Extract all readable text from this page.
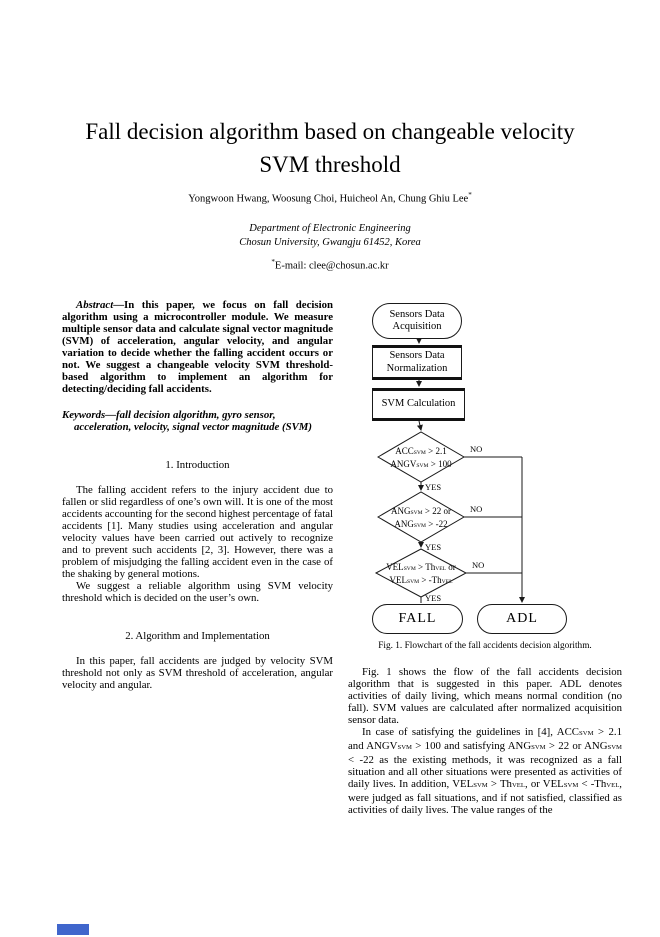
Fall decision algorithm based on changeable velocity SVM threshold
Yongwoon Hwang, Woosung Choi, Huicheol An, Chung Ghiu Lee*
Department of Electronic Engineering
Chosun University, Gwangju 61452, Korea
*E-mail: clee@chosun.ac.kr

Abstract—In this paper, we focus on fall decision algorithm using a microcontroller module. We measure multiple sensor data and calculate signal vector magnitude (SVM) of acceleration, angular velocity, and angular variation to decide whether the falling accident occurs or not. We suggest a changeable velocity SVM threshold-based algorithm to implement an algorithm for detecting/deciding fall accidents.

Keywords—fall decision algorithm, gyro sensor, acceleration, velocity, signal vector magnitude (SVM)

1. Introduction

The falling accident refers to the injury accident due to fallen or slid regardless of one’s own will. It is one of the most accidents accounting for the second highest percentage of fatal accidents [1]. Many studies using acceleration and angular velocity values have been carried out actively to recognize and to prevent such accidents [2, 3]. However, there was a problem of misjudging the falling accident even in the case of the shaking by general motions.

We suggest a reliable algorithm using SVM velocity threshold which is decided on the user’s own.

2. Algorithm and Implementation

In this paper, fall accidents are judged by velocity SVM threshold not only as SVM threshold of acceleration, angular velocity and angular.

Sensors Data Acquisition
Sensors Data Normalization
SVM Calculation
ACCSVM > 2.1
ANGVSVM > 100
ANGSVM > 22 or
ANGSVM > -22
VELSVM > ThVEL or
VELSVM > -ThVEL
NO
NO
NO
YES
YES
YES
FALL	ADL
Fig. 1. Flowchart of the fall accidents decision algorithm.

Fig. 1 shows the flow of the fall accidents decision algorithm that is suggested in this paper. ADL denotes activities of daily living, which means normal condition (no fall). SVM values are calculated after normalized acquisition sensor data.

In case of satisfying the guidelines in [4], ACCSVM > 2.1 and ANGVSVM > 100 and satisfying ANGSVM > 22 or ANGSVM < -22 as the existing methods, it was recognized as a fall situation and all other situations were presented as activities of daily lives. In addition, VELSVM > ThVEL, or VELSVM < -ThVEL, were judged as fall situations, and if not satisfied, classified as activities of daily lives. The value ranges of the
